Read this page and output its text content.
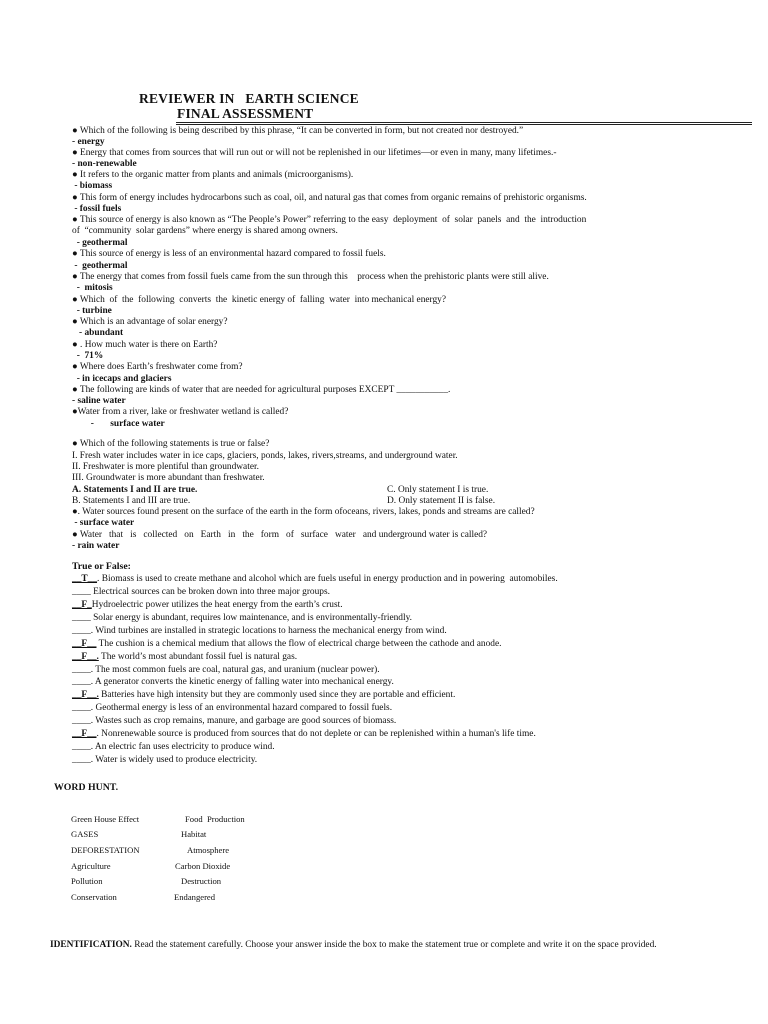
REVIEWER IN   EARTH SCIENCE
FINAL ASSESSMENT
● Which of the following is being described by this phrase, “It can be converted in form, but not created nor destroyed.”
- energy
● Energy that comes from sources that will run out or will not be replenished in our lifetimes—or even in many, many lifetimes.-
- non-renewable
● It refers to the organic matter from plants and animals (microorganisms).
- biomass
● This form of energy includes hydrocarbons such as coal, oil, and natural gas that comes from organic remains of prehistoric organisms.
- fossil fuels
● This source of energy is also known as “The People’s Power” referring to the easy  deployment  of  solar  panels  and  the  introduction
of  “community  solar gardens” where energy is shared among owners.
- geothermal
● This source of energy is less of an environmental hazard compared to fossil fuels.
-  geothermal
● The energy that comes from fossil fuels came from the sun through this    process when the prehistoric plants were still alive.
-  mitosis
● Which  of  the  following  converts  the  kinetic energy of  falling  water  into mechanical energy?
- turbine
● Which is an advantage of solar energy?
- abundant
● . How much water is there on Earth?
-  71%
● Where does Earth’s freshwater come from?
- in icecaps and glaciers
● The following are kinds of water that are needed for agricultural purposes EXCEPT ___________.
- saline water
●Water from a river, lake or freshwater wetland is called?
-       surface water
● Which of the following statements is true or false?
I. Fresh water includes water in ice caps, glaciers, ponds, lakes, rivers,streams, and underground water.
II. Freshwater is more plentiful than groundwater.
III. Groundwater is more abundant than freshwater.
A. Statements I and II are true.	C. Only statement I is true.
B. Statements I and III are true.	D. Only statement II is false.
●. Water sources found present on the surface of the earth in the form ofoceans, rivers, lakes, ponds and streams are called?
- surface water
● Water   that   is   collected   on   Earth   in   the   form   of   surface   water   and underground water is called?
- rain water
True or False:
__T__. Biomass is used to create methane and alcohol which are fuels useful in energy production and in powering  automobiles.
____ Electrical sources can be broken down into three major groups.
__F_Hydroelectric power utilizes the heat energy from the earth’s crust.
____ Solar energy is abundant, requires low maintenance, and is environmentally-friendly.
____. Wind turbines are installed in strategic locations to harness the mechanical energy from wind.
__F__ The cushion is a chemical medium that allows the flow of electrical charge between the cathode and anode.
__F__. The world’s most abundant fossil fuel is natural gas.
____. The most common fuels are coal, natural gas, and uranium (nuclear power).
____. A generator converts the kinetic energy of falling water into mechanical energy.
__F__. Batteries have high intensity but they are commonly used since they are portable and efficient.
____. Geothermal energy is less of an environmental hazard compared to fossil fuels.
____. Wastes such as crop remains, manure, and garbage are good sources of biomass.
__F__. Nonrenewable source is produced from sources that do not deplete or can be replenished within a human's life time.
____. An electric fan uses electricity to produce wind.
____. Water is widely used to produce electricity.
WORD HUNT.
Green House Effect	Food  Production
GASES	Habitat
DEFORESTATION	Atmosphere
Agriculture	Carbon Dioxide
Pollution	Destruction
Conservation	Endangered
IDENTIFICATION. Read the statement carefully. Choose your answer inside the box to make the statement true or complete and write it on the space provided.
